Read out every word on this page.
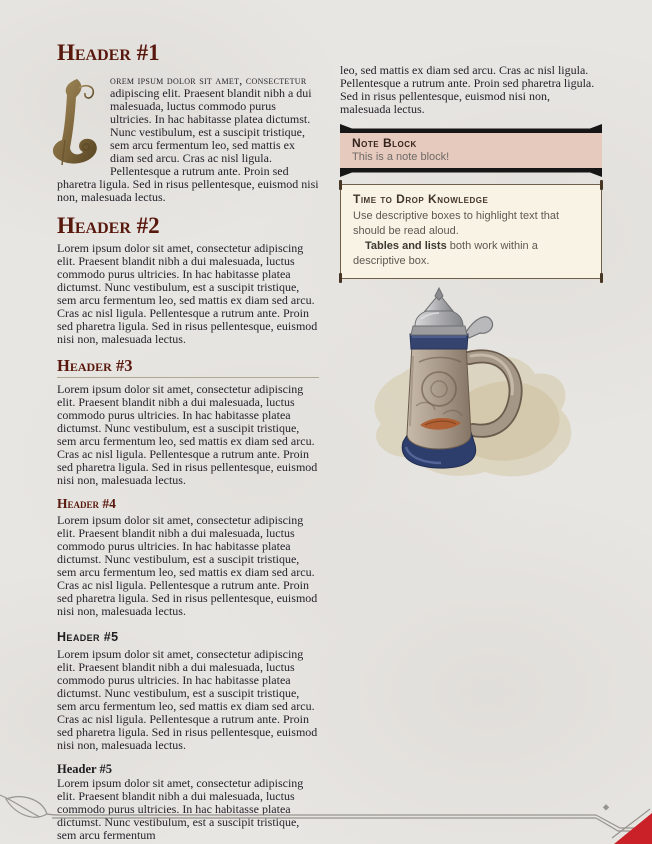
Header #1

orem ipsum dolor sit amet, consectetur adipiscing elit. Praesent blandit nibh a dui malesuada, luctus commodo purus ultricies. In hac habitasse platea dictumst. Nunc vestibulum, est a suscipit tristique, sem arcu fermentum leo, sed mattis ex diam sed arcu. Cras ac nisl ligula. Pellentesque a rutrum ante. Proin sed pharetra ligula. Sed in risus pellentesque, euismod nisi non, malesuada lectus.

Header #2

Lorem ipsum dolor sit amet, consectetur adipiscing elit. Praesent blandit nibh a dui malesuada, luctus commodo purus ultricies. In hac habitasse platea dictumst. Nunc vestibulum, est a suscipit tristique, sem arcu fermentum leo, sed mattis ex diam sed arcu. Cras ac nisl ligula. Pellentesque a rutrum ante. Proin sed pharetra ligula. Sed in risus pellentesque, euismod nisi non, malesuada lectus.

Header #3

Lorem ipsum dolor sit amet, consectetur adipiscing elit. Praesent blandit nibh a dui malesuada, luctus commodo purus ultricies. In hac habitasse platea dictumst. Nunc vestibulum, est a suscipit tristique, sem arcu fermentum leo, sed mattis ex diam sed arcu. Cras ac nisl ligula. Pellentesque a rutrum ante. Proin sed pharetra ligula. Sed in risus pellentesque, euismod nisi non, malesuada lectus.

Header #4

Lorem ipsum dolor sit amet, consectetur adipiscing elit. Praesent blandit nibh a dui malesuada, luctus commodo purus ultricies. In hac habitasse platea dictumst. Nunc vestibulum, est a suscipit tristique, sem arcu fermentum leo, sed mattis ex diam sed arcu. Cras ac nisl ligula. Pellentesque a rutrum ante. Proin sed pharetra ligula. Sed in risus pellentesque, euismod nisi non, malesuada lectus.

Header #5

Lorem ipsum dolor sit amet, consectetur adipiscing elit. Praesent blandit nibh a dui malesuada, luctus commodo purus ultricies. In hac habitasse platea dictumst. Nunc vestibulum, est a suscipit tristique, sem arcu fermentum leo, sed mattis ex diam sed arcu. Cras ac nisl ligula. Pellentesque a rutrum ante. Proin sed pharetra ligula. Sed in risus pellentesque, euismod nisi non, malesuada lectus.

Header #5

Lorem ipsum dolor sit amet, consectetur adipiscing elit. Praesent blandit nibh a dui malesuada, luctus commodo purus ultricies. In hac habitasse platea dictumst. Nunc vestibulum, est a suscipit tristique, sem arcu fermentum

leo, sed mattis ex diam sed arcu. Cras ac nisl ligula. Pellentesque a rutrum ante. Proin sed pharetra ligula. Sed in risus pellentesque, euismod nisi non, malesuada lectus.

Note Block
This is a note block!
Time to Drop Knowledge
Use descriptive boxes to highlight text that should be read aloud.
Tables and lists both work within a descriptive box.
